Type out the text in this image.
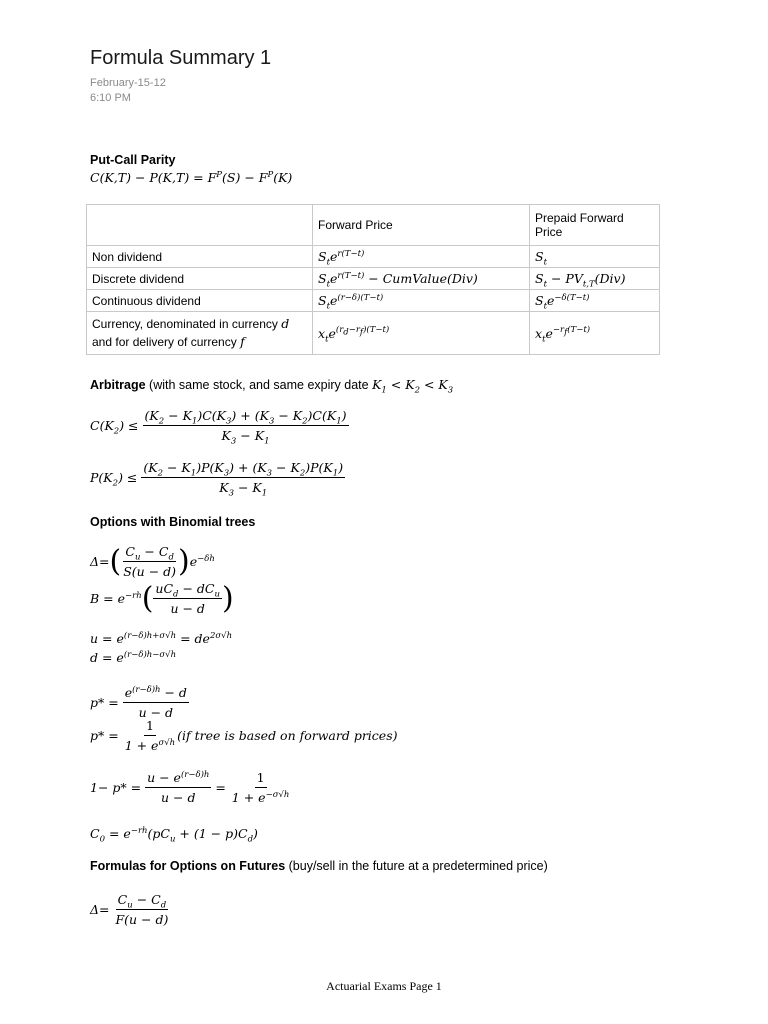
Formula Summary 1
February-15-12
6:10 PM
Put-Call Parity
$C(K,T) - P(K,T) = F^P(S) - F^P(K)$
	Forward Price	Prepaid Forward Price
Non dividend	$S_te^{r(T-t)}$	$S_t$
Discrete dividend	$S_te^{r(T-t)}$ − CumValue(Div)	$S_t - PV_{t,T}(Div)$
Continuous dividend	$S_te^{(r-\delta)(T-t)}$	$S_te^{-\delta(T-t)}$
Currency, denominated in currency d
and for delivery of currency f	$x_te^{(r_d-r_f)(T-t)}$	$x_te^{-r_f(T-t)}$
Arbitrage (with same stock, and same expiry date $K_1 < K_2 < K_3$
$C(K_2) \le \frac{(K_2 - K_1)C(K_3) + (K_3 - K_2)C(K_1)}{K_3 - K_1}$
$P(K_2) \le \frac{(K_2 - K_1)P(K_3) + (K_3 - K_2)P(K_1)}{K_3 - K_1}$
Options with Binomial trees
Δ= ( $\frac{C_u - C_d}{S(u - d)}$ ) $e^{-\delta h}$
$B = e^{-rh}$ ( $\frac{uC_d - dC_u}{u - d}$ )
$u = e^{(r-\delta)h+\sigma√h} = de^{2\sigma√h}$
$d = e^{(r-\delta)h-\sigma√h}$
$p* = \frac{e^{(r-\delta)h} - d}{u - d}$
$p* = \frac{1}{1 + e^{\sigma√h}} (if$ tree is based on forward prices)
$1- p* = \frac{u - e^{(r-\delta)h}}{u - d} = \frac{1}{1 + e^{-\sigma√h}}$
$C_0 = e^{-rh}(pC_u + (1 - p)C_d)$
Formulas for Options on Futures (buy/sell in the future at a predetermined price)
$\Delta= \frac{C_u - C_d}{F(u - d)}$
Actuarial Exams Page 1
